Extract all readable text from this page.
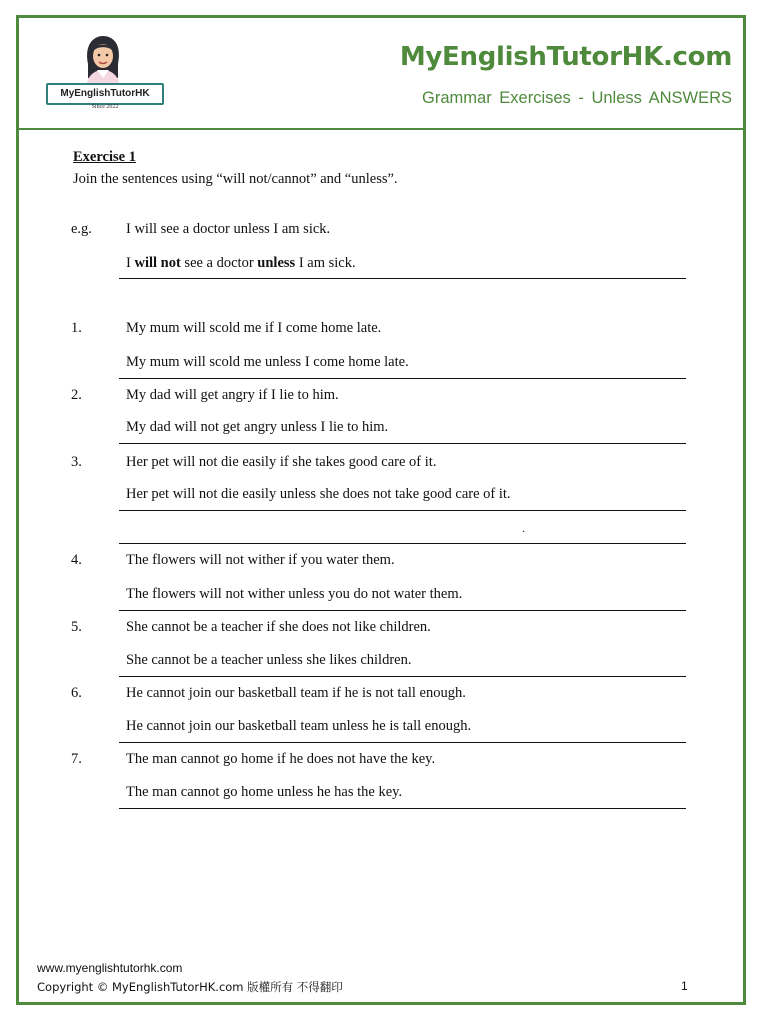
MyEnglishTutorHK
Since 2022
MyEnglishTutorHK.com
Grammar Exercises - Unless ANSWERS
Exercise 1
Join the sentences using “will not/cannot” and “unless”.
e.g. I will see a doctor unless I am sick.
I will not see a doctor unless I am sick.
1.	My mum will scold me if I come home late.
My mum will scold me unless I come home late.
2.	My dad will get angry if I lie to him.
My dad will not get angry unless I lie to him.
3.	Her pet will not die easily if she takes good care of it.
Her pet will not die easily unless she does not take good care of it.
.
4.	The flowers will not wither if you water them.
The flowers will not wither unless you do not water them.
5.	She cannot be a teacher if she does not like children.
She cannot be a teacher unless she likes children.
6.	He cannot join our basketball team if he is not tall enough.
He cannot join our basketball team unless he is tall enough.
7.	The man cannot go home if he does not have the key.
The man cannot go home unless he has the key.
www.myenglishtutorhk.com
Copyright © MyEnglishTutorHK.com 版權所有 不得翻印	1
